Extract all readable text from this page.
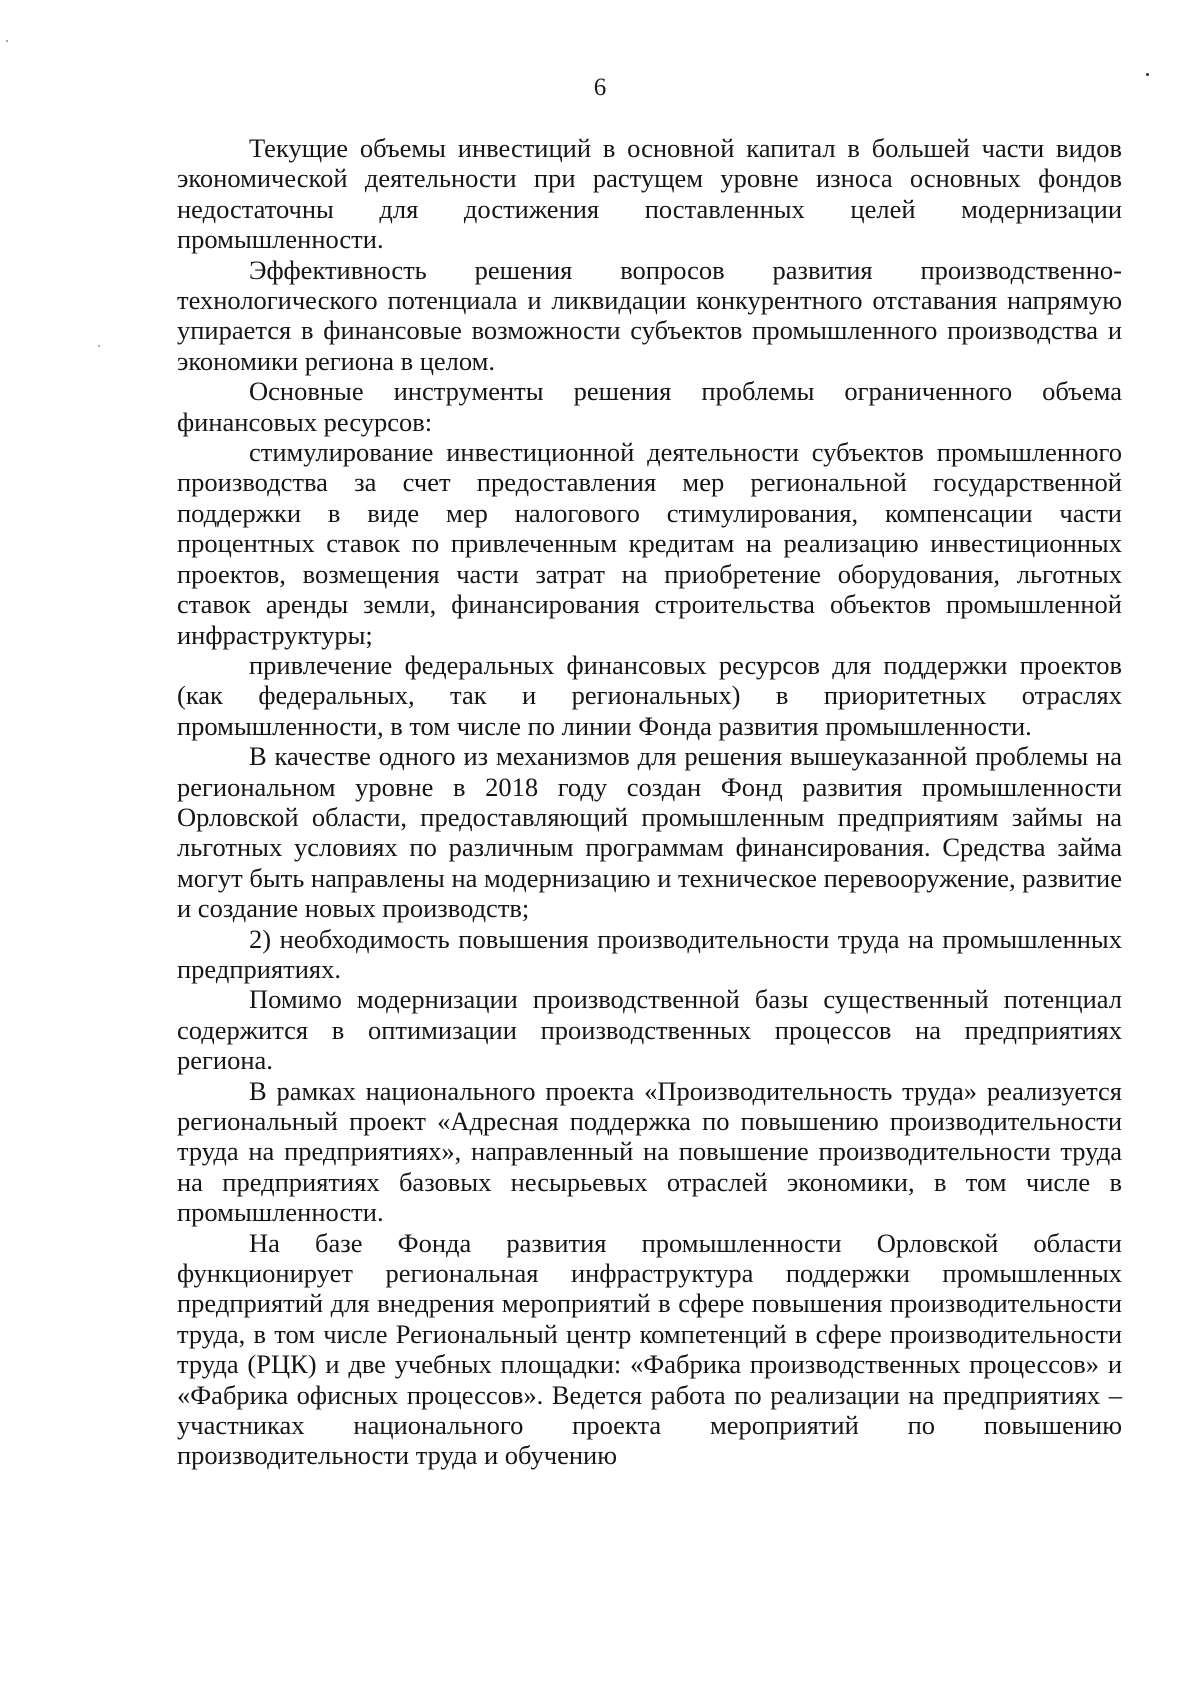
6

Текущие объемы инвестиций в основной капитал в большей части видов экономической деятельности при растущем уровне износа основных фондов недостаточны для достижения поставленных целей модернизации промышленности.

Эффективность решения вопросов развития производственно-технологического потенциала и ликвидации конкурентного отставания напрямую упирается в финансовые возможности субъектов промышленного производства и экономики региона в целом.

Основные инструменты решения проблемы ограниченного объема финансовых ресурсов:

стимулирование инвестиционной деятельности субъектов промышленного производства за счет предоставления мер региональной государственной поддержки в виде мер налогового стимулирования, компенсации части процентных ставок по привлеченным кредитам на реализацию инвестиционных проектов, возмещения части затрат на приобретение оборудования, льготных ставок аренды земли, финансирования строительства объектов промышленной инфраструктуры;

привлечение федеральных финансовых ресурсов для поддержки проектов (как федеральных, так и региональных) в приоритетных отраслях промышленности, в том числе по линии Фонда развития промышленности.

В качестве одного из механизмов для решения вышеуказанной проблемы на региональном уровне в 2018 году создан Фонд развития промышленности Орловской области, предоставляющий промышленным предприятиям займы на льготных условиях по различным программам финансирования. Средства займа могут быть направлены на модернизацию и техническое перевооружение, развитие и создание новых производств;

2) необходимость повышения производительности труда на промышленных предприятиях.

Помимо модернизации производственной базы существенный потенциал содержится в оптимизации производственных процессов на предприятиях региона.

В рамках национального проекта «Производительность труда» реализуется региональный проект «Адресная поддержка по повышению производительности труда на предприятиях», направленный на повышение производительности труда на предприятиях базовых несырьевых отраслей экономики, в том числе в промышленности.

На базе Фонда развития промышленности Орловской области функционирует региональная инфраструктура поддержки промышленных предприятий для внедрения мероприятий в сфере повышения производительности труда, в том числе Региональный центр компетенций в сфере производительности труда (РЦК) и две учебных площадки: «Фабрика производственных процессов» и «Фабрика офисных процессов». Ведется работа по реализации на предприятиях – участниках национального проекта мероприятий по повышению производительности труда и обучению
